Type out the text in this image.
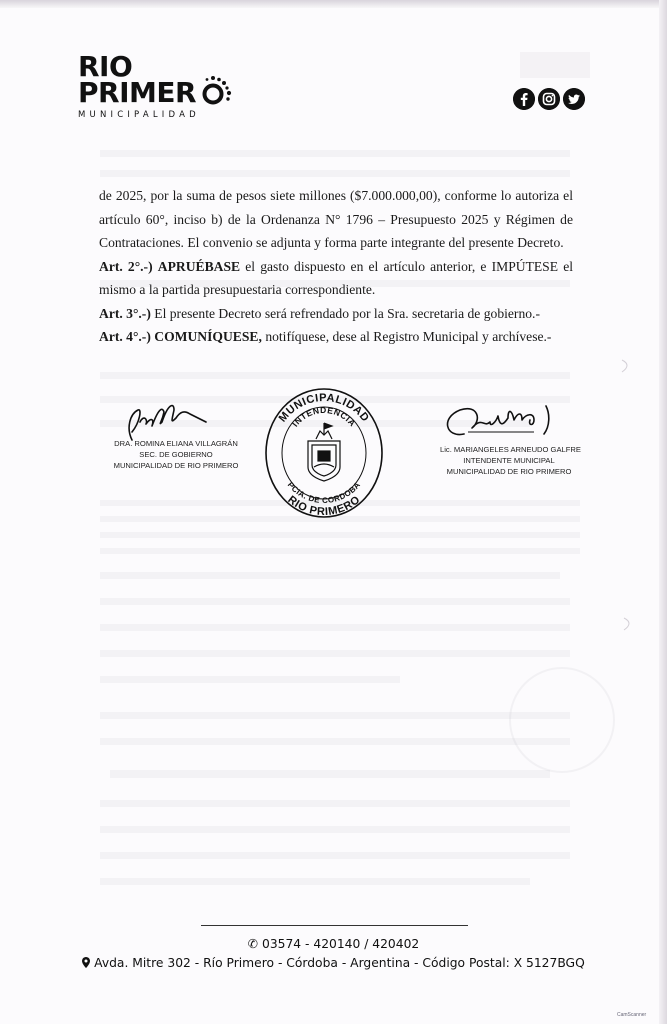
RIO
PRIMER
MUNICIPALIDAD

de 2025, por la suma de pesos siete millones ($7.000.000,00), conforme lo autoriza el artículo 60°, inciso b) de la Ordenanza N° 1796 – Presupuesto 2025 y Régimen de Contrataciones. El convenio se adjunta y forma parte integrante del presente Decreto.

Art. 2°.-) APRUÉBASE el gasto dispuesto en el artículo anterior, e IMPÚTESE el mismo a la partida presupuestaria correspondiente.

Art. 3°.-) El presente Decreto será refrendado por la Sra. secretaria de gobierno.-

Art. 4°.-) COMUNÍQUESE, notifíquese, dese al Registro Municipal y archívese.-

DRA. ROMINA ELIANA VILLAGRÁN
SEC. DE GOBIERNO
MUNICIPALIDAD DE RIO PRIMERO
MUNICIPALIDAD
INTENDENCIA
PCIA. DE CORDOBA
RIO PRIMERO
Lic. MARIANGELES ARNEUDO GALFRE
INTENDENTE MUNICIPAL
MUNICIPALIDAD DE RIO PRIMERO
✆ 03574 - 420140 / 420402
Avda. Mitre 302 - Río Primero - Córdoba - Argentina - Código Postal: X 5127BGQ
CamScanner
